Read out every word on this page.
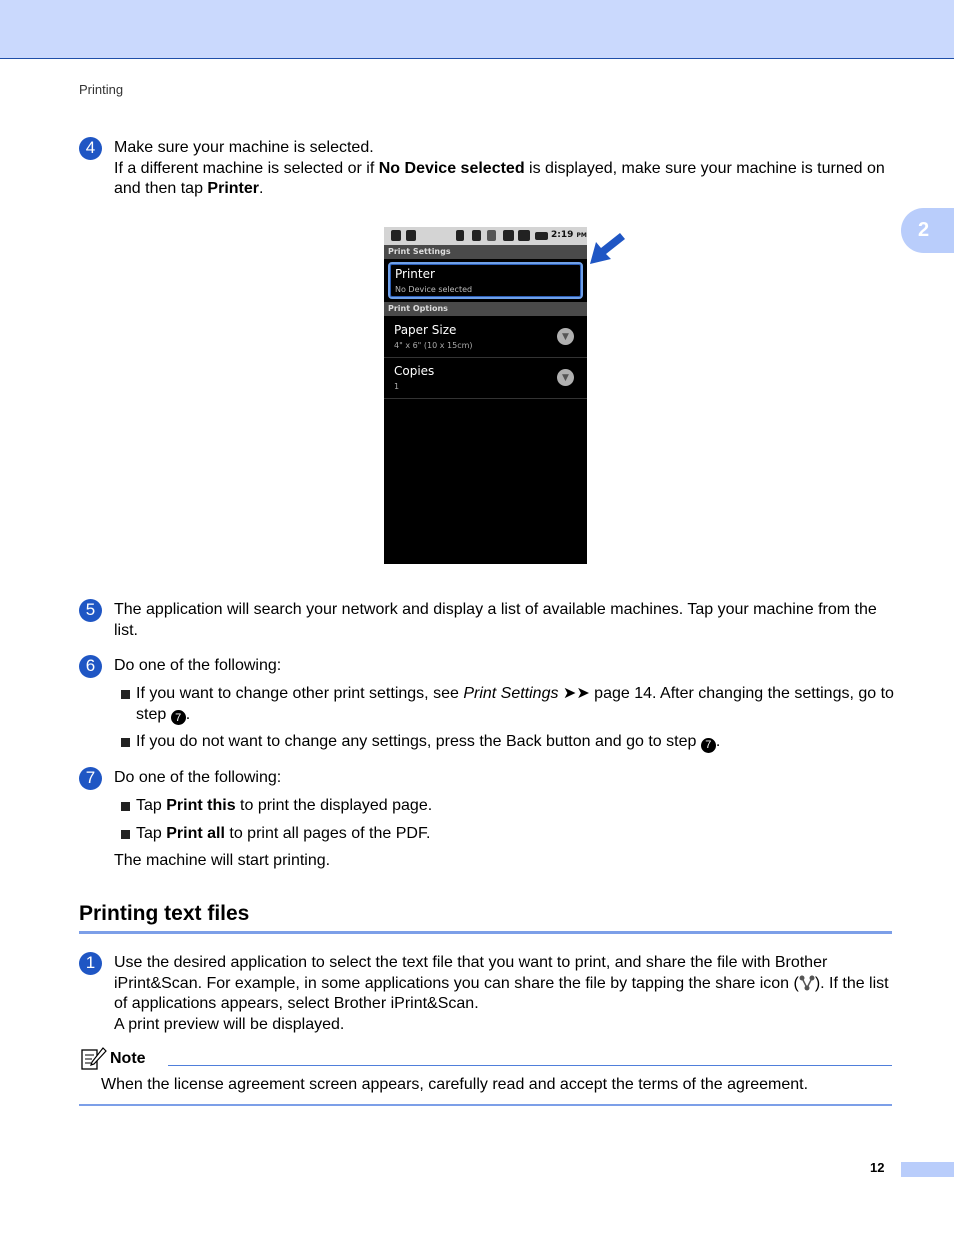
Printing
2
4	Make sure your machine is selected.
If a different machine is selected or if No Device selected is displayed, make sure your machine is turned on and then tap Printer.
2:19 PM
Print Settings
Printer
No Device selected
Print Options
Paper Size
4" x 6" (10 x 15cm)
▼
Copies
1
▼
5	The application will search your network and display a list of available machines. Tap your machine from the list.
6	Do one of the following:
If you want to change other print settings, see Print Settings ➤➤ page 14. After changing the settings, go to step 7 .
If you do not want to change any settings, press the Back button and go to step 7 .
7	Do one of the following:
Tap Print this to print the displayed page.
Tap Print all to print all pages of the PDF.
The machine will start printing.
Printing text files
1	Use the desired application to select the text file that you want to print, and share the file with Brother iPrint&Scan. For example, in some applications you can share the file by tapping the share icon ( ). If the list of applications appears, select Brother iPrint&Scan.
A print preview will be displayed.
Note
When the license agreement screen appears, carefully read and accept the terms of the agreement.
12
